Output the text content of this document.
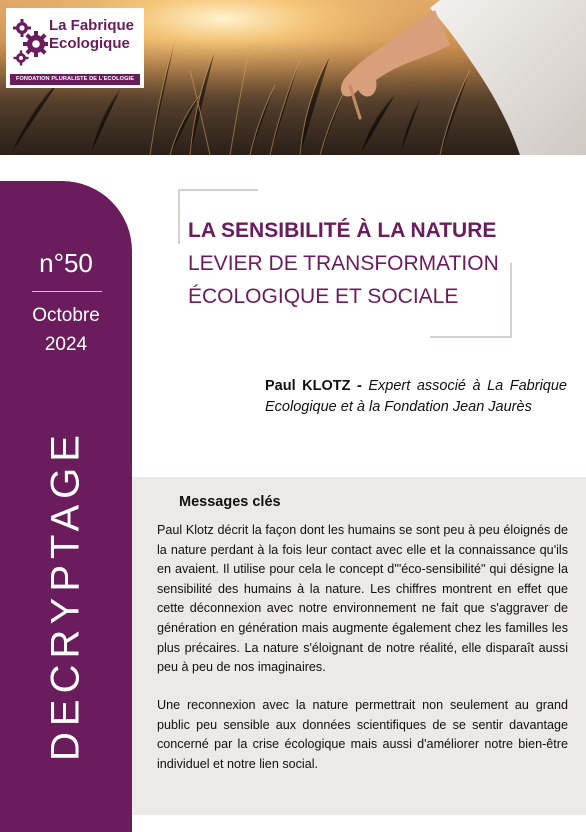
La Fabrique
Ecologique
FONDATION PLURALISTE DE L'ECOLOGIE
n°50
Octobre
2024
DECRYPTAGE
LA SENSIBILITÉ À LA NATURE
LEVIER DE TRANSFORMATION
ÉCOLOGIQUE ET SOCIALE
Paul KLOTZ - Expert associé à La Fabrique Ecologique et à la Fondation Jean Jaurès
Messages clés

Paul Klotz décrit la façon dont les humains se sont peu à peu éloignés de la nature perdant à la fois leur contact avec elle et la connaissance qu'ils en avaient. Il utilise pour cela le concept d'"éco-sensibilité" qui désigne la sensibilité des humains à la nature. Les chiffres montrent en effet que cette déconnexion avec notre environnement ne fait que s'aggraver de génération en génération mais augmente également chez les familles les plus précaires. La nature s'éloignant de notre réalité, elle disparaît aussi peu à peu de nos imaginaires.

Une reconnexion avec la nature permettrait non seulement au grand public peu sensible aux données scientifiques de se sentir davantage concerné par la crise écologique mais aussi d'améliorer notre bien-être individuel et notre lien social.
